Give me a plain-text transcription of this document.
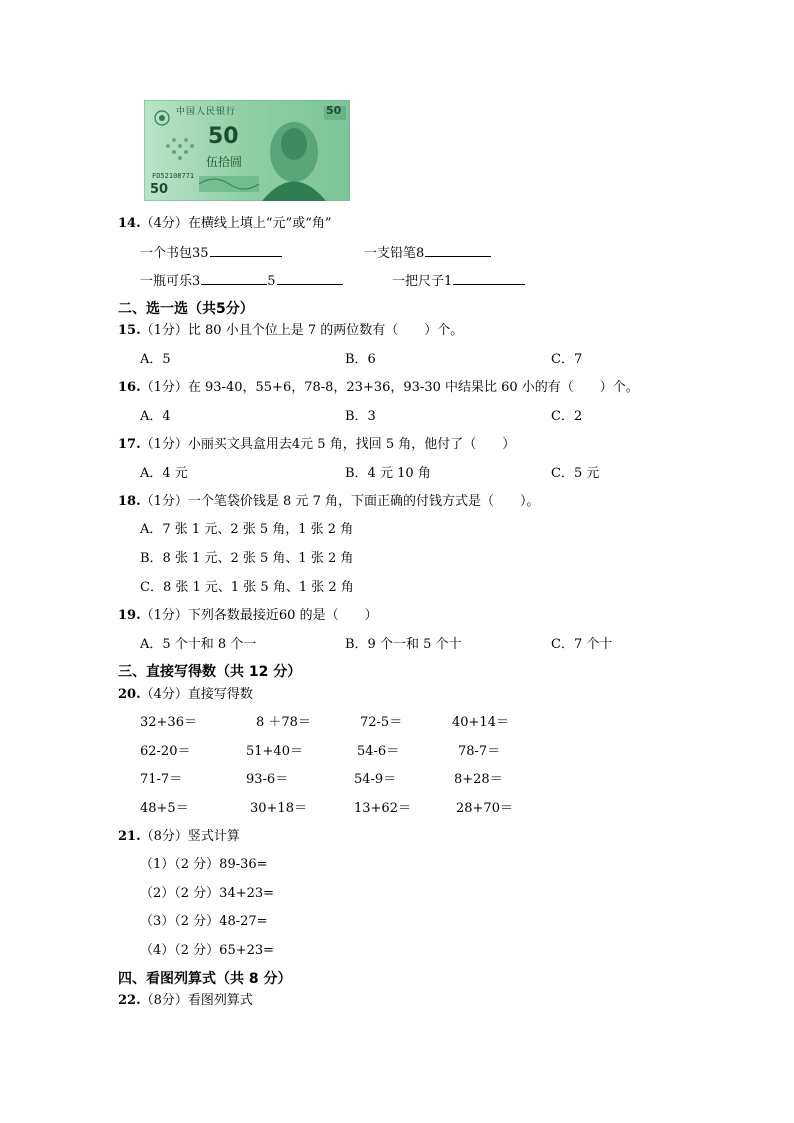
中国人民银行
50
伍拾圆
FD52108771
50
50
14.（4分）在横线上填上“元”或“角”
一个书包35	一支铅笔8
一瓶可乐3	5	一把尺子1
二、选一选（共5分）
15.（1分）比 80 小且个位上是 7 的两位数有（　　）个。
A．5	B．6	C．7
16.（1分）在 93-40，55+6，78-8，23+36，93-30 中结果比 60 小的有（　　）个。
A．4	B．3	C．2
17.（1分）小丽买文具盒用去4元 5 角，找回 5 角，他付了（　　）
A．4 元	B．4 元 10 角	C．5 元
18.（1分）一个笔袋价钱是 8 元 7 角，下面正确的付钱方式是（　　）。
A．7 张 1 元、2 张 5 角，1 张 2 角
B．8 张 1 元、2 张 5 角、1 张 2 角
C．8 张 1 元、1 张 5 角、1 张 2 角
19.（1分）下列各数最接近60 的是（　　）
A．5 个十和 8 个一	B．9 个一和 5 个十	C．7 个十
三、直接写得数（共 12 分）
20.（4分）直接写得数
32+36＝	8 ＋78＝	72-5＝	40+14＝
62-20＝	51+40＝	54-6＝	78-7＝
71-7＝	93-6＝	54-9＝	8+28＝
48+5＝	30+18＝	13+62＝	28+70＝
21.（8分）竖式计算
（1）（2 分）89-36=
（2）（2 分）34+23=
（3）（2 分）48-27=
（4）（2 分）65+23=
四、看图列算式（共 8 分）
22.（8分）看图列算式
